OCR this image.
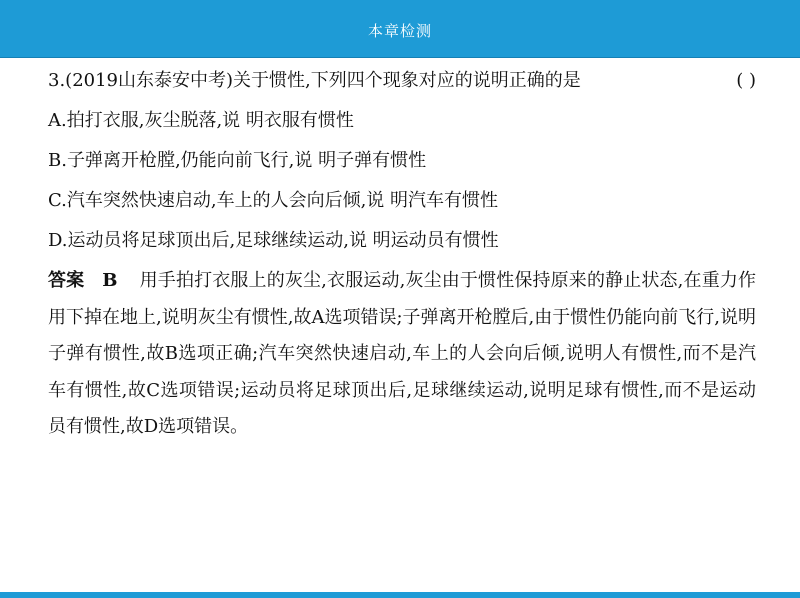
本章检测
3.(2019山东泰安中考)关于惯性,下列四个现象对应的说明正确的是	( )
A.拍打衣服,灰尘脱落,说 明衣服有惯性
B.子弹离开枪膛,仍能向前飞行,说 明子弹有惯性
C.汽车突然快速启动,车上的人会向后倾,说 明汽车有惯性
D.运动员将足球顶出后,足球继续运动,说 明运动员有惯性
答案 B 用手拍打衣服上的灰尘,衣服运动,灰尘由于惯性保持原来的静止状态,在重力作用下掉在地上,说明灰尘有惯性,故A选项错误;子弹离开枪膛后,由于惯性仍能向前飞行,说明子弹有惯性,故B选项正确;汽车突然快速启动,车上的人会向后倾,说明人有惯性,而不是汽车有惯性,故C选项错误;运动员将足球顶出后,足球继续运动,说明足球有惯性,而不是运动员有惯性,故D选项错误。
